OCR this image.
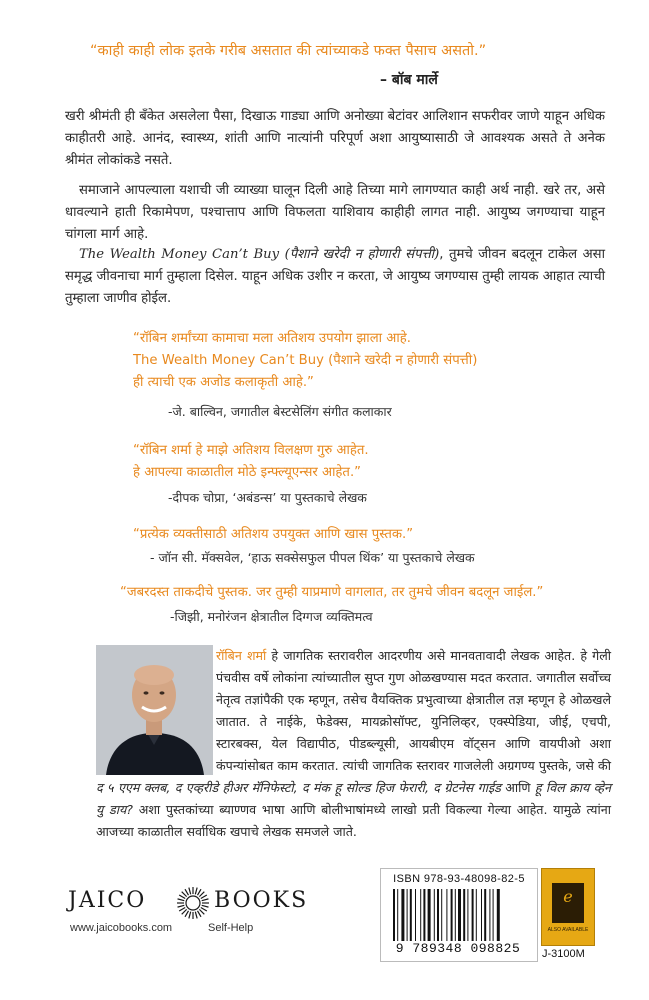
“काही काही लोक इतके गरीब असतात की त्यांच्याकडे फक्त पैसाच असतो.”
– बॉब मार्ले
खरी श्रीमंती ही बँकेत असलेला पैसा, दिखाऊ गाड्या आणि अनोख्या बेटांवर आलिशान सफरीवर जाणे याहून अधिक काहीतरी आहे. आनंद, स्वास्थ्य, शांती आणि नात्यांनी परिपूर्ण अशा आयुष्यासाठी जे आवश्यक असते ते अनेक श्रीमंत लोकांकडे नसते.
समाजाने आपल्याला यशाची जी व्याख्या घालून दिली आहे तिच्या मागे लागण्यात काही अर्थ नाही. खरे तर, असे धावल्याने हाती रिकामेपण, पश्चात्ताप आणि विफलता याशिवाय काहीही लागत नाही. आयुष्य जगण्याचा याहून चांगला मार्ग आहे.
The Wealth Money Can’t Buy (पैशाने खरेदी न होणारी संपत्ती), तुमचे जीवन बदलून टाकेल असा समृद्ध जीवनाचा मार्ग तुम्हाला दिसेल. याहून अधिक उशीर न करता, जे आयुष्य जगण्यास तुम्ही लायक आहात त्याची तुम्हाला जाणीव होईल.
“रॉबिन शर्मांच्या कामाचा मला अतिशय उपयोग झाला आहे.
The Wealth Money Can’t Buy (पैशाने खरेदी न होणारी संपत्ती)
ही त्याची एक अजोड कलाकृती आहे.”
-जे. बाल्विन, जगातील बेस्टसेलिंग संगीत कलाकार
“रॉबिन शर्मा हे माझे अतिशय विलक्षण गुरु आहेत.
हे आपल्या काळातील मोठे इन्फ्ल्यूएन्सर आहेत.”
-दीपक चोप्रा, ‘अबंडन्स’ या पुस्तकाचे लेखक
“प्रत्येक व्यक्तीसाठी अतिशय उपयुक्त आणि खास पुस्तक.”
- जॉन सी. मॅक्सवेल, ‘हाऊ सक्सेसफुल पीपल थिंक’ या पुस्तकाचे लेखक
“जबरदस्त ताकदीचे पुस्तक. जर तुम्ही याप्रमाणे वागलात, तर तुमचे जीवन बदलून जाईल.”
-जिझी, मनोरंजन क्षेत्रातील दिग्गज व्यक्तिमत्व
रॉबिन शर्मा हे जागतिक स्तरावरील आदरणीय असे मानवतावादी लेखक आहेत. हे गेली पंचवीस वर्षे लोकांना त्यांच्यातील सुप्त गुण ओळखण्यास मदत करतात. जगातील सर्वोच्च नेतृत्व तज्ञांपैकी एक म्हणून, तसेच वैयक्तिक प्रभुत्वाच्या क्षेत्रातील तज्ञ म्हणून हे ओळखले जातात. ते नाईके, फेडेक्स, मायक्रोसॉफ्ट, युनिलिव्हर, एक्स्पेडिया, जीई, एचपी, स्टारबक्स, येल विद्यापीठ, पीडब्ल्यूसी, आयबीएम वॉट्सन आणि वायपीओ अशा कंपन्यांसोबत काम करतात. त्यांची जागतिक स्तरावर गाजलेली अग्रगण्य पुस्तके, जसे की द ५ एएम क्लब, द एव्हरीडे हीअर मॅनिफेस्टो, द मंक हू सोल्ड हिज फेरारी, द ग्रेटनेस गाईड आणि हू विल क्राय व्हेन यु डाय? अशा पुस्तकांच्या ब्याण्णव भाषा आणि बोलीभाषांमध्ये लाखो प्रती विकल्या गेल्या आहेत. यामुळे त्यांना आजच्या काळातील सर्वाधिक खपाचे लेखक समजले जाते.
JAICO	BOOKS
www.jaicobooks.com	Self-Help
ISBN 978-93-48098-82-5
9 789348 098825
e
ALSO AVAILABLE
J-3100M
